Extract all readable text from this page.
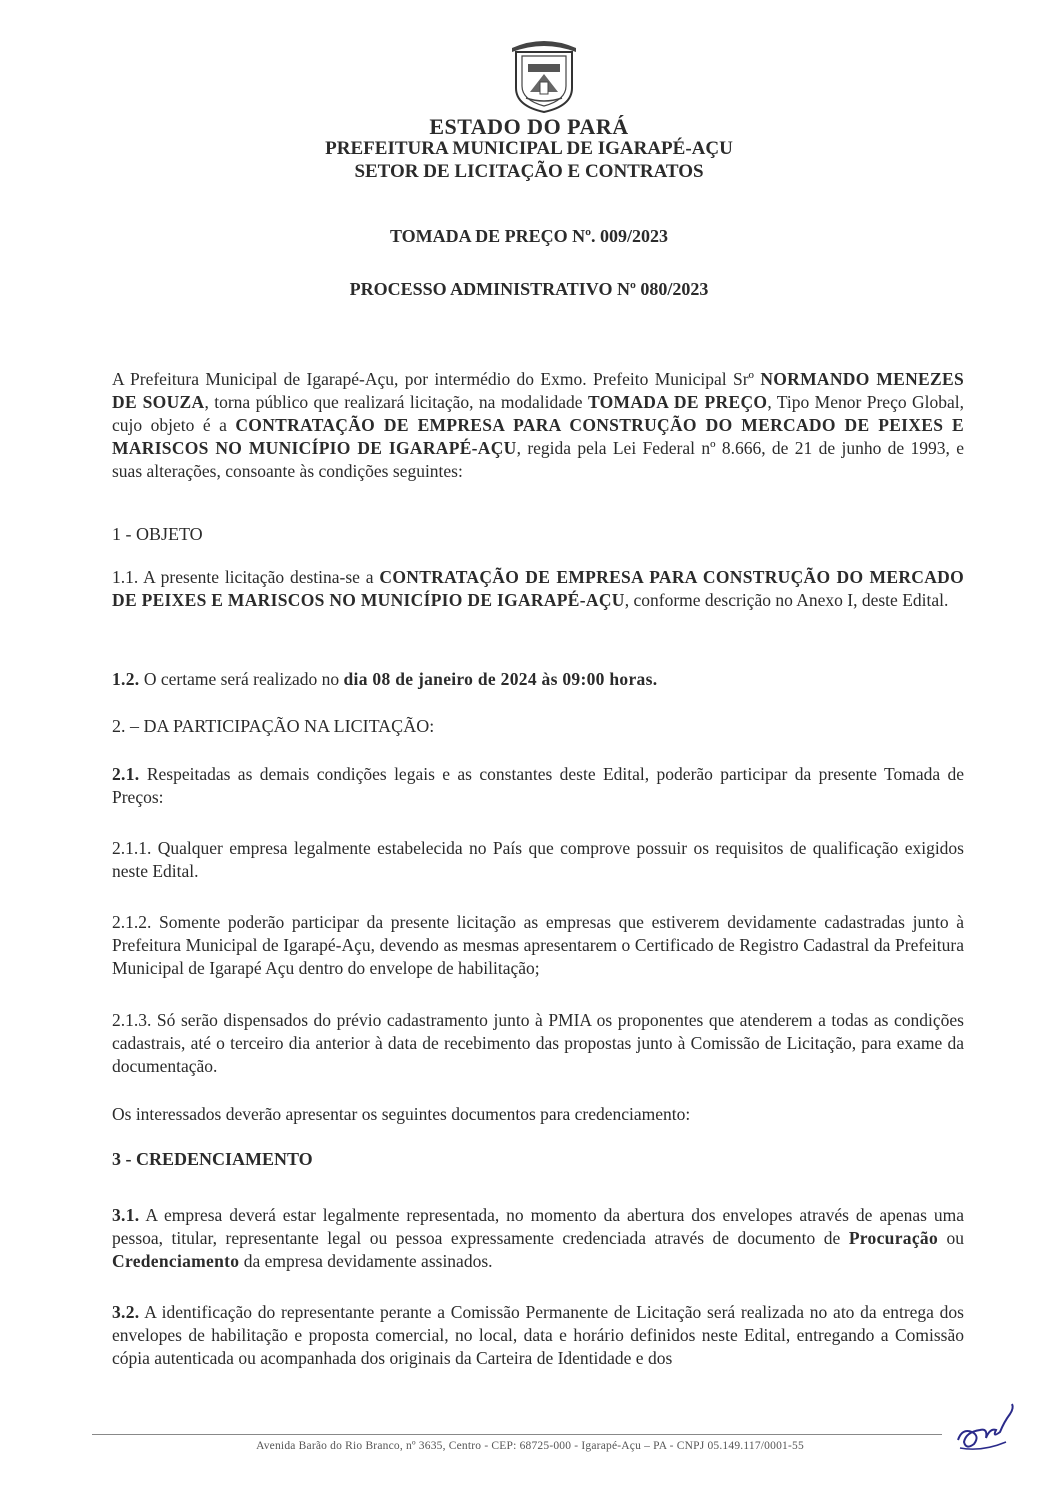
ESTADO DO PARÁ
PREFEITURA MUNICIPAL DE IGARAPÉ-AÇU
SETOR DE LICITAÇÃO E CONTRATOS
TOMADA DE PREÇO Nº. 009/2023
PROCESSO ADMINISTRATIVO Nº 080/2023
A Prefeitura Municipal de Igarapé-Açu, por intermédio do Exmo. Prefeito Municipal Srº NORMANDO MENEZES DE SOUZA, torna público que realizará licitação, na modalidade TOMADA DE PREÇO, Tipo Menor Preço Global, cujo objeto é a CONTRATAÇÃO DE EMPRESA PARA CONSTRUÇÃO DO MERCADO DE PEIXES E MARISCOS NO MUNICÍPIO DE IGARAPÉ-AÇU, regida pela Lei Federal nº 8.666, de 21 de junho de 1993, e suas alterações, consoante às condições seguintes:
1 - OBJETO
1.1. A presente licitação destina-se a CONTRATAÇÃO DE EMPRESA PARA CONSTRUÇÃO DO MERCADO DE PEIXES E MARISCOS NO MUNICÍPIO DE IGARAPÉ-AÇU, conforme descrição no Anexo I, deste Edital.
1.2. O certame será realizado no dia 08 de janeiro de 2024 às 09:00 horas.
2. – DA PARTICIPAÇÃO NA LICITAÇÃO:
2.1. Respeitadas as demais condições legais e as constantes deste Edital, poderão participar da presente Tomada de Preços:
2.1.1. Qualquer empresa legalmente estabelecida no País que comprove possuir os requisitos de qualificação exigidos neste Edital.
2.1.2. Somente poderão participar da presente licitação as empresas que estiverem devidamente cadastradas junto à Prefeitura Municipal de Igarapé-Açu, devendo as mesmas apresentarem o Certificado de Registro Cadastral da Prefeitura Municipal de Igarapé Açu dentro do envelope de habilitação;
2.1.3. Só serão dispensados do prévio cadastramento junto à PMIA os proponentes que atenderem a todas as condições cadastrais, até o terceiro dia anterior à data de recebimento das propostas junto à Comissão de Licitação, para exame da documentação.
Os interessados deverão apresentar os seguintes documentos para credenciamento:
3 - CREDENCIAMENTO
3.1. A empresa deverá estar legalmente representada, no momento da abertura dos envelopes através de apenas uma pessoa, titular, representante legal ou pessoa expressamente credenciada através de documento de Procuração ou Credenciamento da empresa devidamente assinados.
3.2. A identificação do representante perante a Comissão Permanente de Licitação será realizada no ato da entrega dos envelopes de habilitação e proposta comercial, no local, data e horário definidos neste Edital, entregando a Comissão cópia autenticada ou acompanhada dos originais da Carteira de Identidade e dos
Avenida Barão do Rio Branco, nº 3635, Centro - CEP: 68725-000 - Igarapé-Açu – PA - CNPJ 05.149.117/0001-55
